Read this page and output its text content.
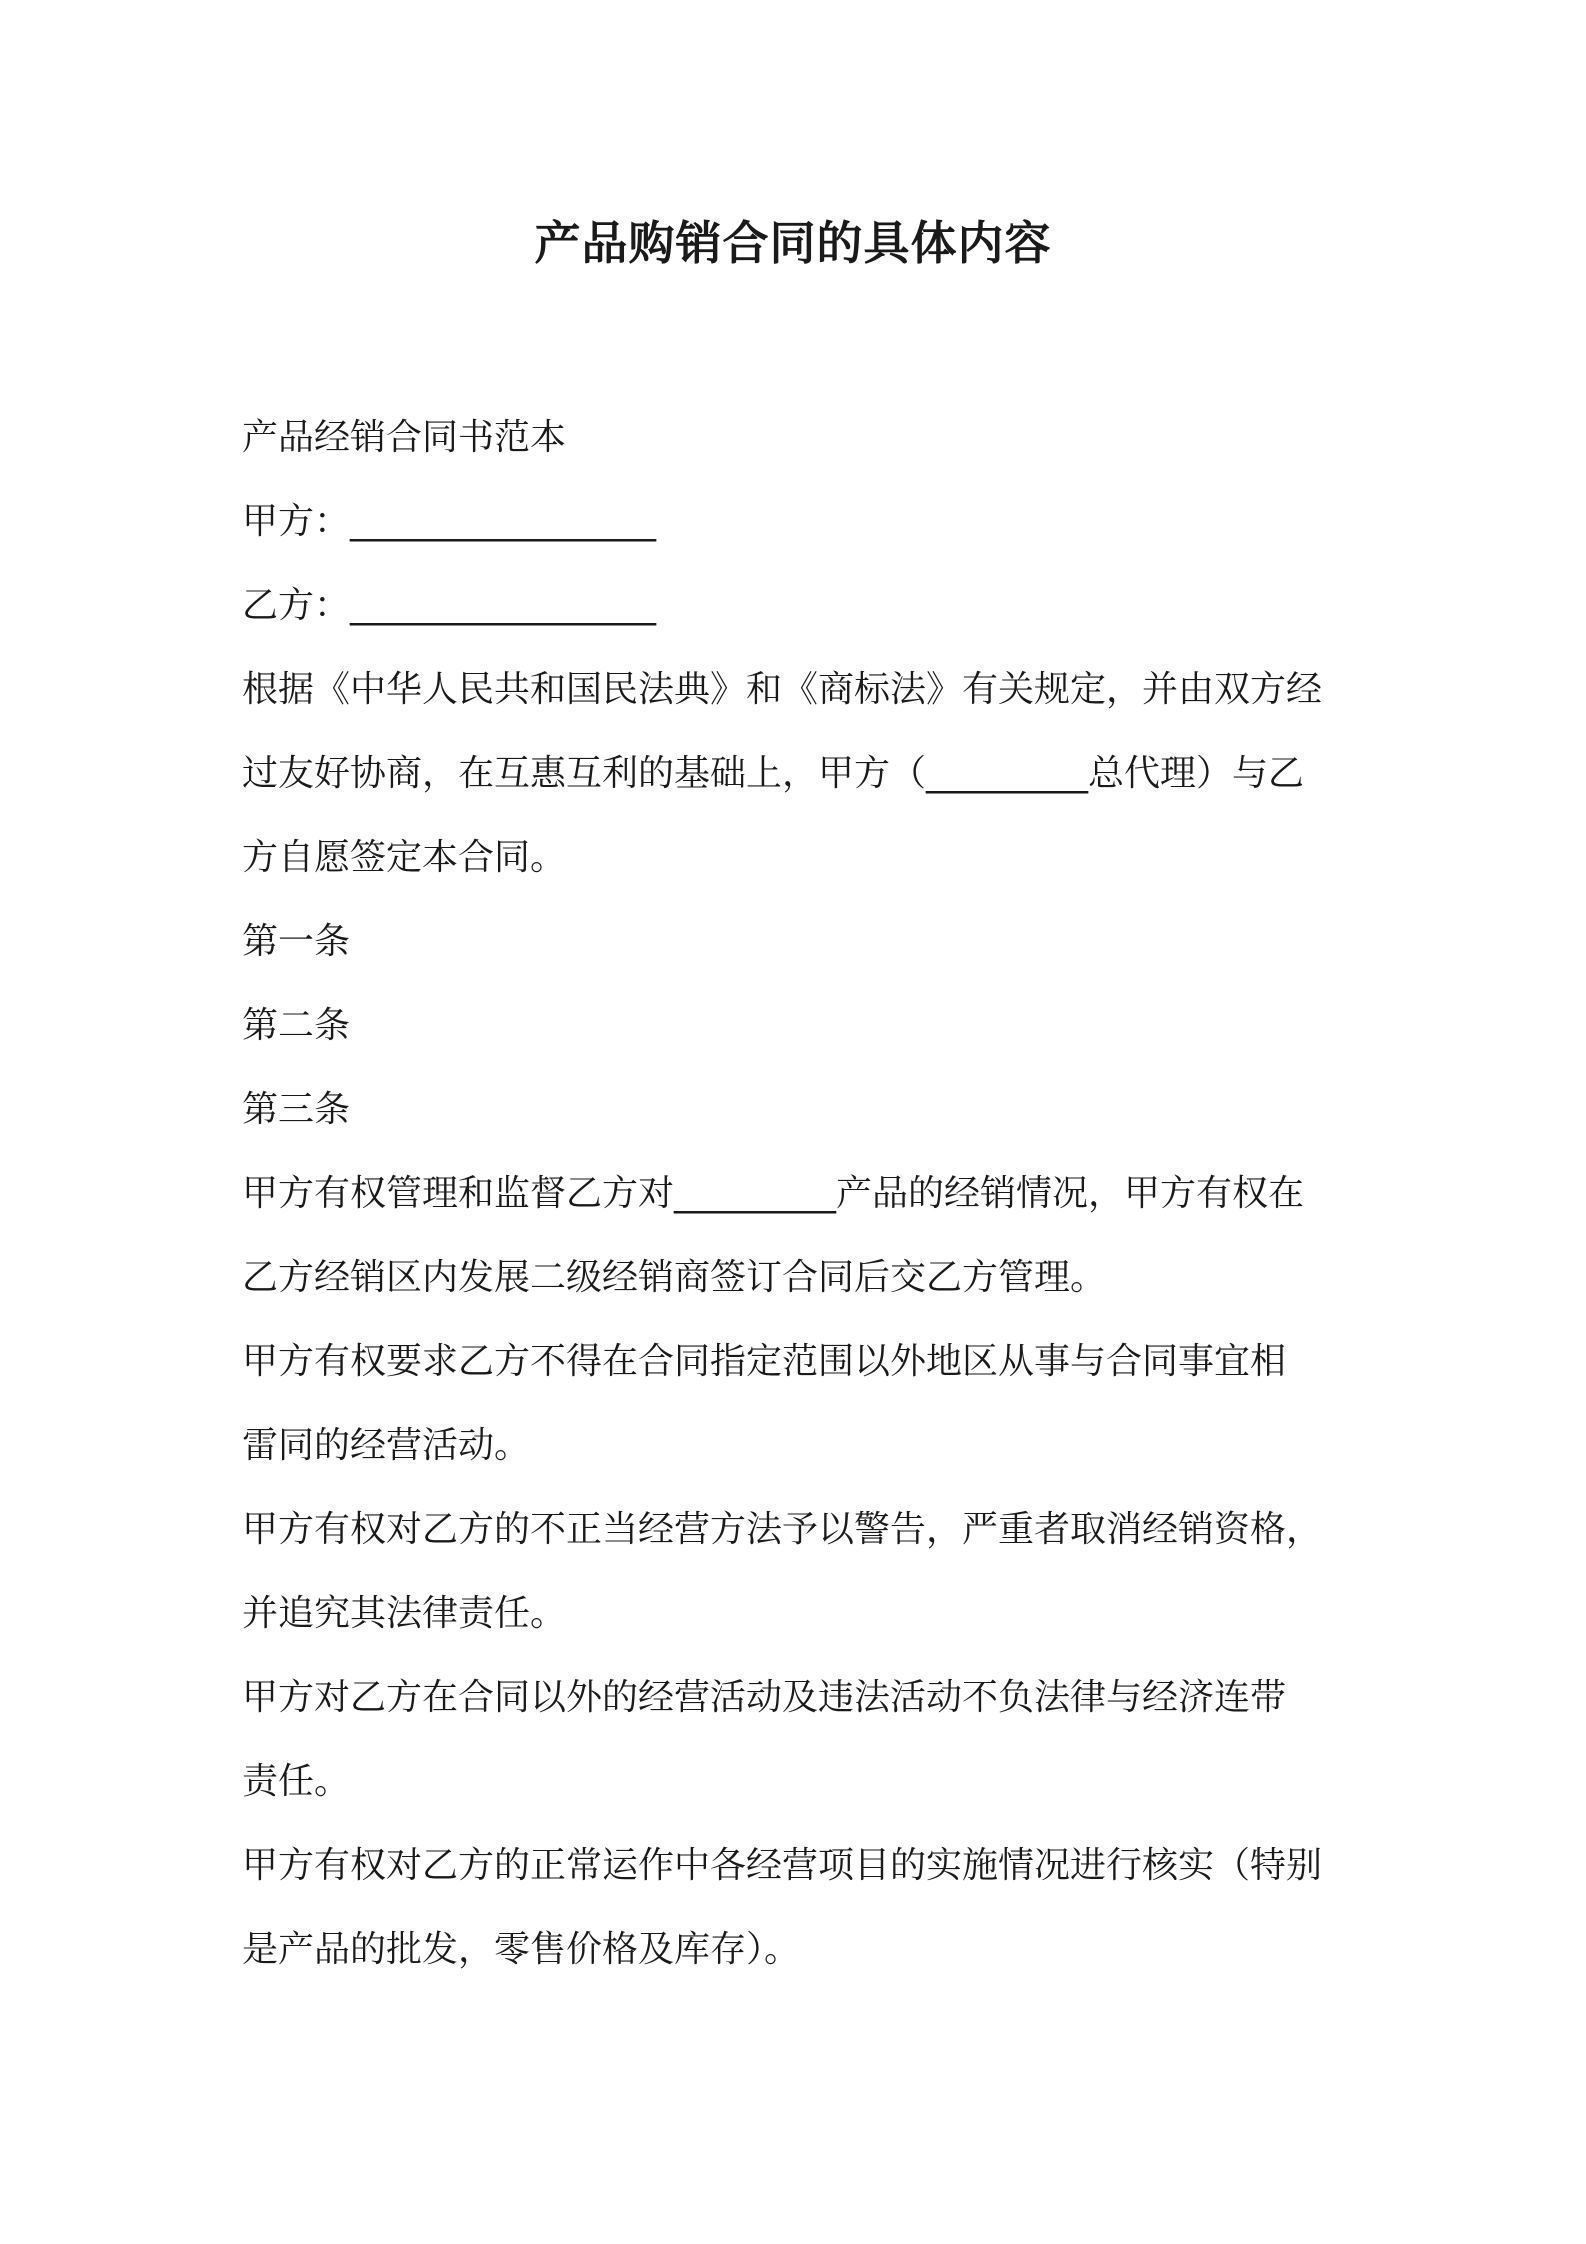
产品购销合同的具体内容
产品经销合同书范本
甲方：_________________
乙方：_________________
根据《中华人民共和国民法典》和《商标法》有关规定，并由双方经
过友好协商，在互惠互利的基础上，甲方（_________总代理）与乙
方自愿签定本合同。
第一条
第二条
第三条
甲方有权管理和监督乙方对_________产品的经销情况，甲方有权在
乙方经销区内发展二级经销商签订合同后交乙方管理。
甲方有权要求乙方不得在合同指定范围以外地区从事与合同事宜相
雷同的经营活动。
甲方有权对乙方的不正当经营方法予以警告，严重者取消经销资格，
并追究其法律责任。
甲方对乙方在合同以外的经营活动及违法活动不负法律与经济连带
责任。
甲方有权对乙方的正常运作中各经营项目的实施情况进行核实（特别
是产品的批发，零售价格及库存）。
